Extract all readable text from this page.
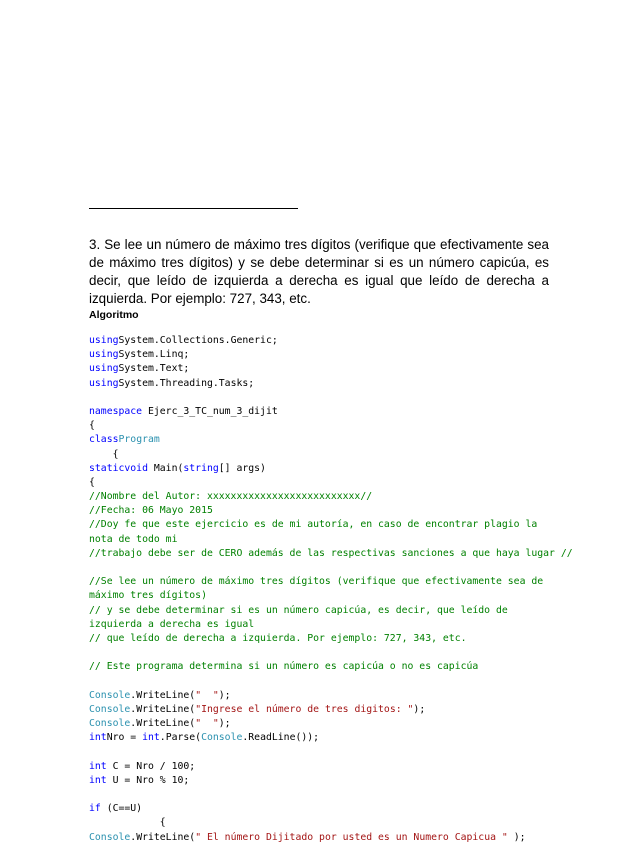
3. Se lee un número de máximo tres dígitos (verifique que efectivamente sea de máximo tres dígitos) y se debe determinar si es un número capicúa, es decir, que leído de izquierda a derecha es igual que leído de derecha a izquierda. Por ejemplo: 727, 343, etc.

Algoritmo

usingSystem.Collections.Generic;
usingSystem.Linq;
usingSystem.Text;
usingSystem.Threading.Tasks;
namespace Ejerc_3_TC_num_3_dijit
{
classProgram
{
staticvoid Main(string[] args)
{
//Nombre del Autor: xxxxxxxxxxxxxxxxxxxxxxxxxx//
//Fecha: 06 Mayo 2015
//Doy fe que este ejercicio es de mi autoría, en caso de encontrar plagio la nota de todo mi
//trabajo debe ser de CERO además de las respectivas sanciones a que haya lugar //
//Se lee un número de máximo tres dígitos (verifique que efectivamente sea de máximo tres dígitos)
// y se debe determinar si es un número capicúa, es decir, que leído de izquierda a derecha es igual
// que leído de derecha a izquierda. Por ejemplo: 727, 343, etc.
// Este programa determina si un número es capicúa o no es capicúa
Console.WriteLine("  ");
Console.WriteLine("Ingrese el número de tres digitos: ");
Console.WriteLine("  ");
intNro = int.Parse(Console.ReadLine());
int C = Nro / 100;
int U = Nro % 10;
if (C==U)
{
Console.WriteLine(" El número Dijitado por usted es un Numero Capicua " );
